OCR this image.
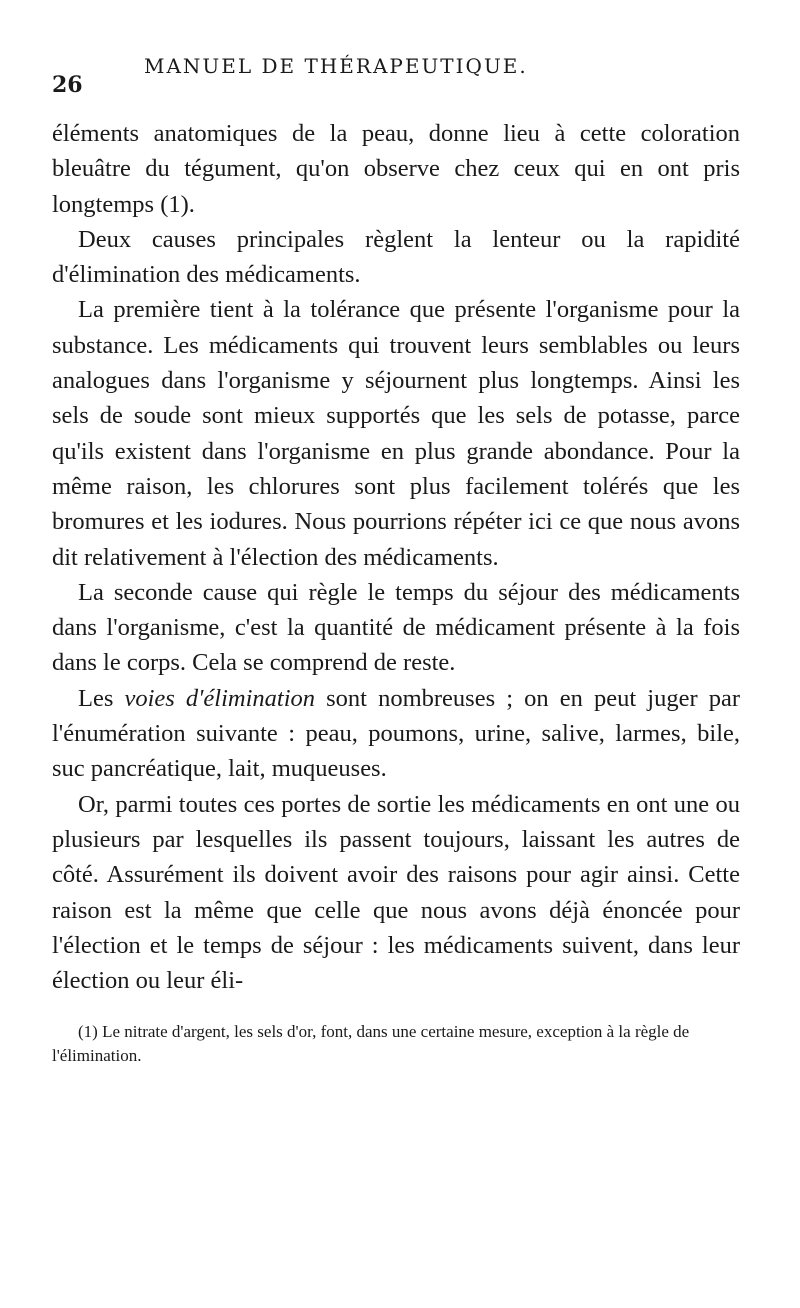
26
MANUEL DE THÉRAPEUTIQUE.

éléments anatomiques de la peau, donne lieu à cette coloration bleuâtre du tégument, qu'on observe chez ceux qui en ont pris longtemps (1).

Deux causes principales règlent la lenteur ou la rapidité d'élimination des médicaments.

La première tient à la tolérance que présente l'organisme pour la substance. Les médicaments qui trouvent leurs semblables ou leurs analogues dans l'organisme y séjournent plus longtemps. Ainsi les sels de soude sont mieux supportés que les sels de potasse, parce qu'ils existent dans l'organisme en plus grande abondance. Pour la même raison, les chlorures sont plus facilement tolérés que les bromures et les iodures. Nous pourrions répéter ici ce que nous avons dit relativement à l'élection des médicaments.

La seconde cause qui règle le temps du séjour des médicaments dans l'organisme, c'est la quantité de médicament présente à la fois dans le corps. Cela se comprend de reste.

Les voies d'élimination sont nombreuses ; on en peut juger par l'énumération suivante : peau, poumons, urine, salive, larmes, bile, suc pancréatique, lait, muqueuses.

Or, parmi toutes ces portes de sortie les médicaments en ont une ou plusieurs par lesquelles ils passent toujours, laissant les autres de côté. Assurément ils doivent avoir des raisons pour agir ainsi. Cette raison est la même que celle que nous avons déjà énoncée pour l'élection et le temps de séjour : les médicaments suivent, dans leur élection ou leur éli-

(1) Le nitrate d'argent, les sels d'or, font, dans une certaine mesure, exception à la règle de l'élimination.
